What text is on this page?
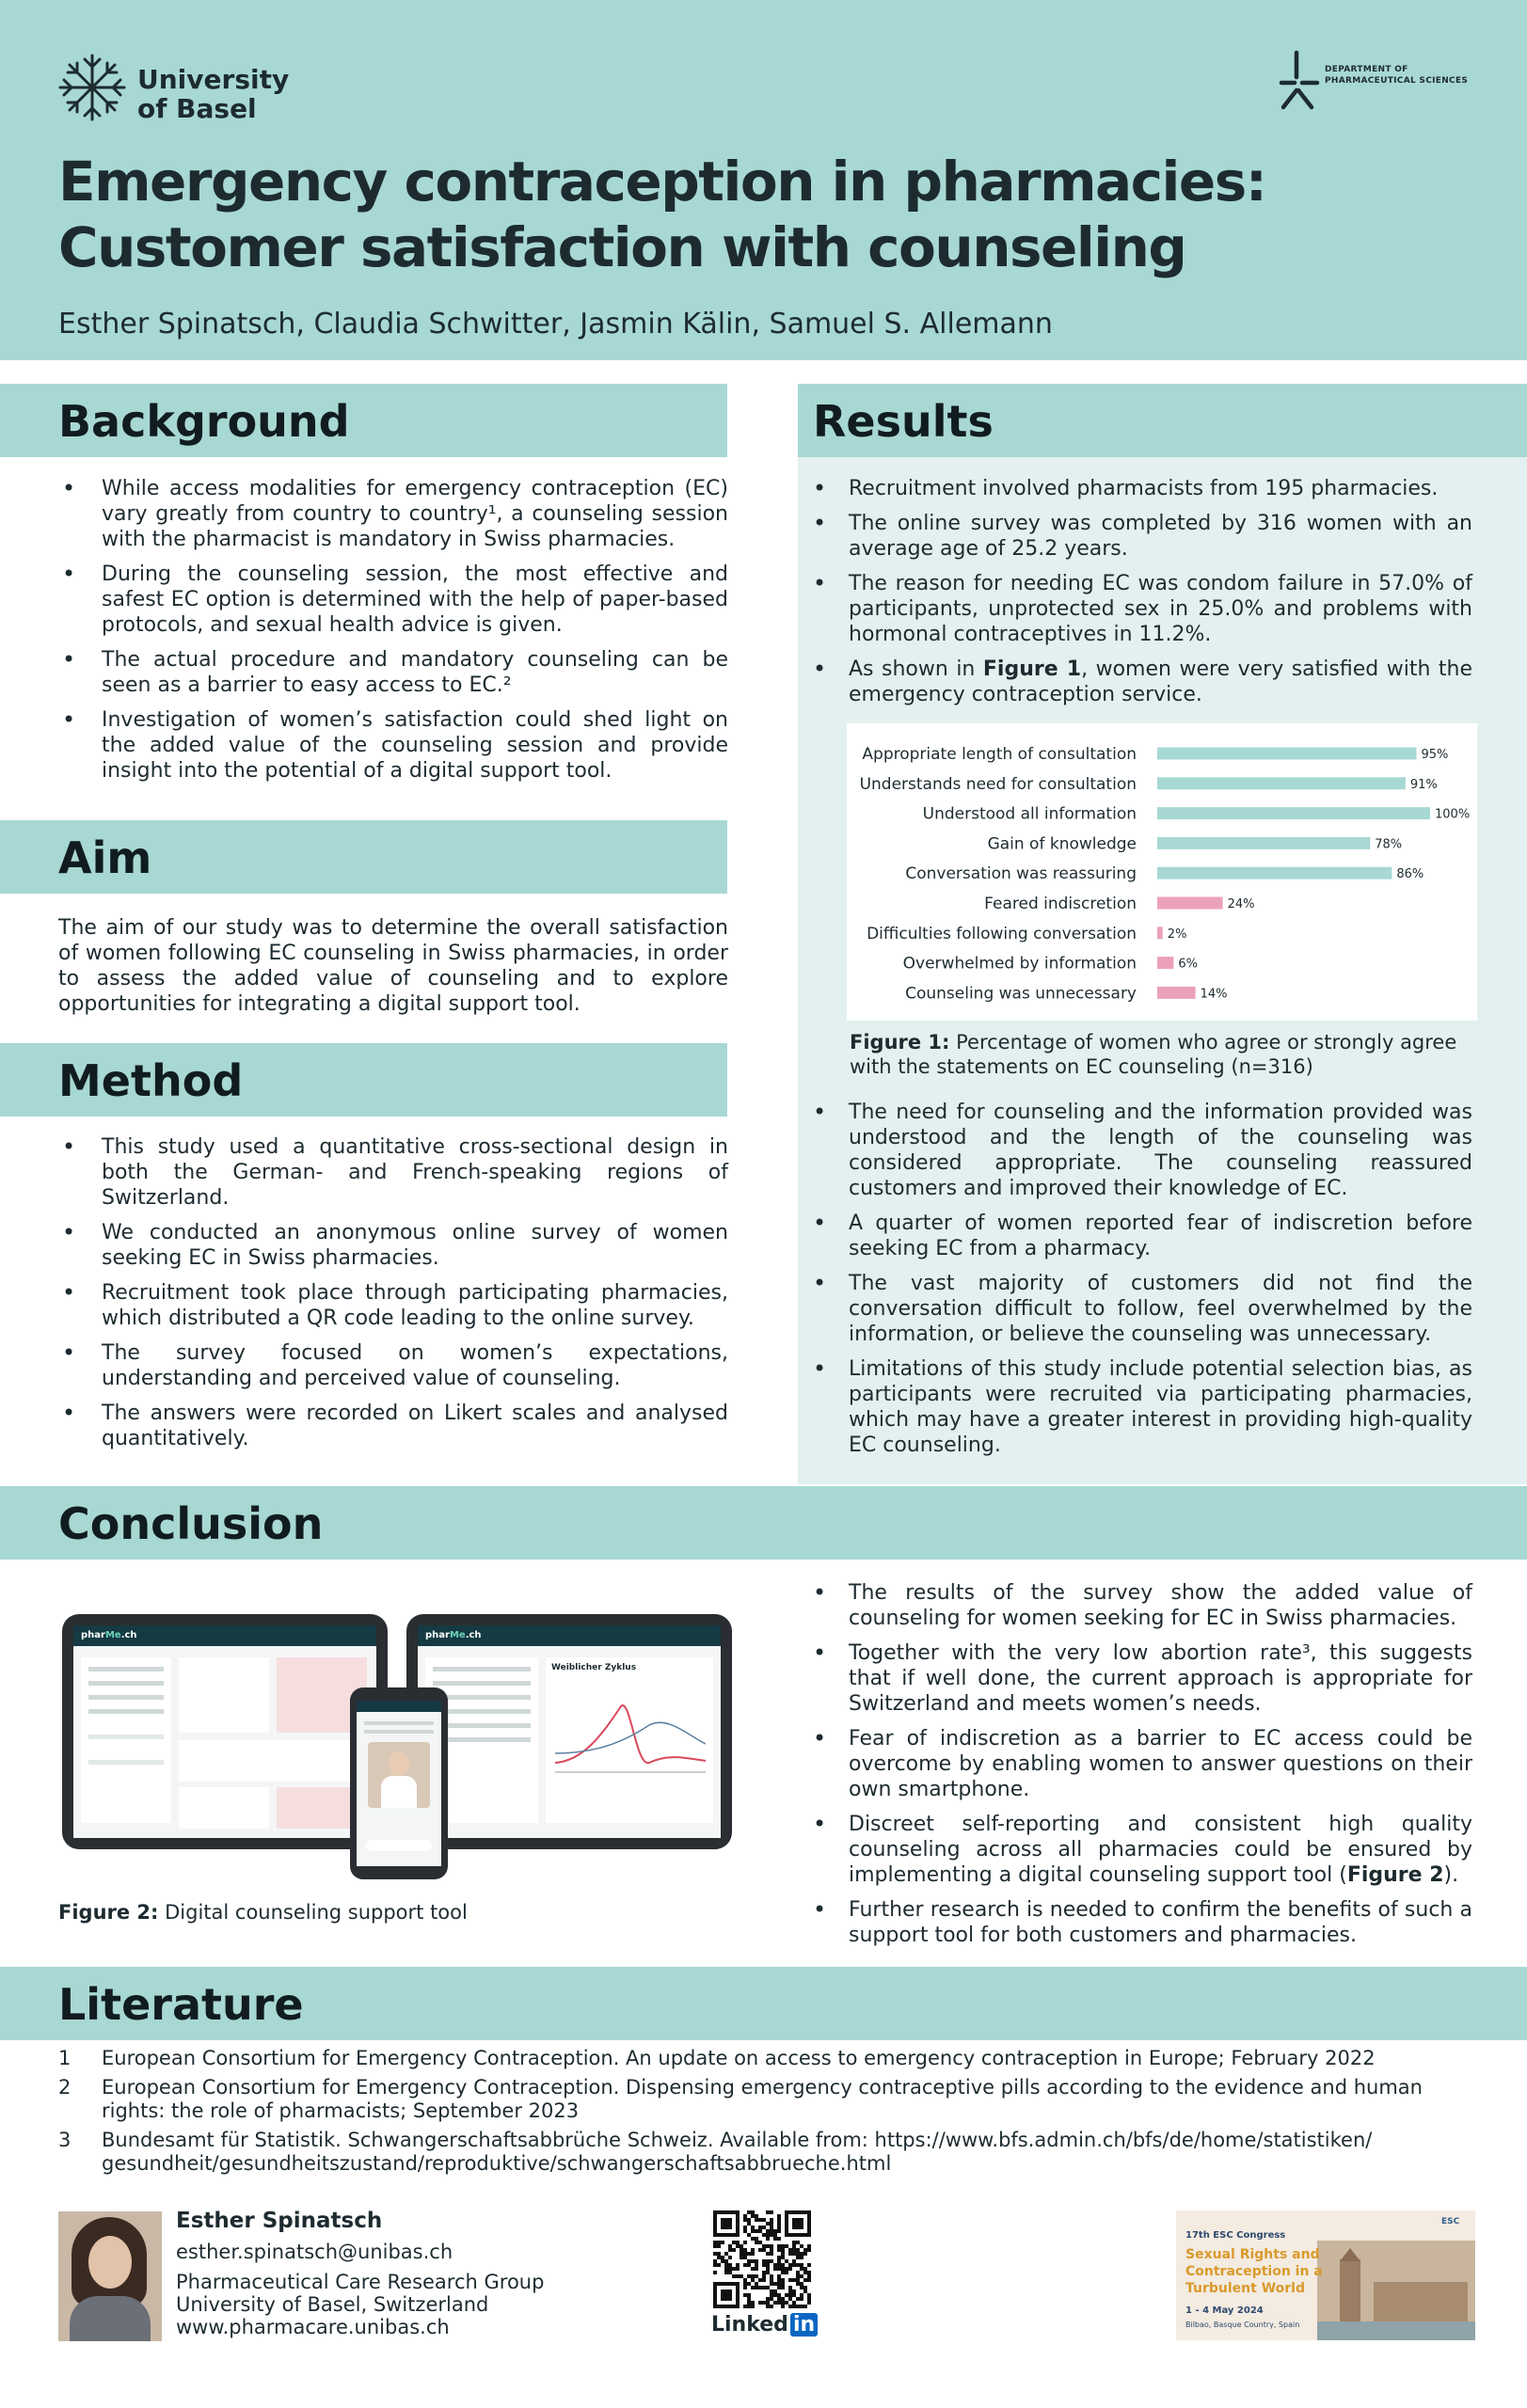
University
of Basel
DEPARTMENT OF PHARMACEUTICAL SCIENCES
Emergency contraception in pharmacies:
Customer satisfaction with counseling
Esther Spinatsch, Claudia Schwitter, Jasmin Kälin, Samuel S. Allemann
Background
• While access modalities for emergency contraception (EC) vary greatly from country to country¹, a counseling session with the pharmacist is mandatory in Swiss pharmacies.
• During the counseling session, the most effective and safest EC option is determined with the help of paper-based protocols, and sexual health advice is given.
• The actual procedure and mandatory counseling can be seen as a barrier to easy access to EC.²
• Investigation of women’s satisfaction could shed light on the added value of the counseling session and provide insight into the potential of a digital support tool.
Aim
The aim of our study was to determine the overall satisfaction of women following EC counseling in Swiss pharmacies, in order to assess the added value of counseling and to explore opportunities for integrating a digital support tool.
Method
• This study used a quantitative cross-sectional design in both the German- and French-speaking regions of Switzerland.
• We conducted an anonymous online survey of women seeking EC in Swiss pharmacies.
• Recruitment took place through participating pharmacies, which distributed a QR code leading to the online survey.
• The survey focused on women’s expectations, understanding and perceived value of counseling.
• The answers were recorded on Likert scales and analysed quantitatively.
Results
• Recruitment involved pharmacists from 195 pharmacies.
• The online survey was completed by 316 women with an average age of 25.2 years.
• The reason for needing EC was condom failure in 57.0% of participants, unprotected sex in 25.0% and problems with hormonal contraceptives in 11.2%.
• As shown in Figure 1, women were very satisfied with the emergency contraception service.
Appropriate length of consultation	95%
Understands need for consultation	91%
Understood all information	100%
Gain of knowledge	78%
Conversation was reassuring	86%
Feared indiscretion	24%
Difficulties following conversation	2%
Overwhelmed by information	6%
Counseling was unnecessary	14%
Figure 1: Percentage of women who agree or strongly agree with the statements on EC counseling (n=316)
• The need for counseling and the information provided was understood and the length of the counseling was considered appropriate. The counseling reassured customers and improved their knowledge of EC.
• A quarter of women reported fear of indiscretion before seeking EC from a pharmacy.
• The vast majority of customers did not find the conversation difficult to follow, feel overwhelmed by the information, or believe the counseling was unnecessary.
• Limitations of this study include potential selection bias, as participants were recruited via participating pharmacies, which may have a greater interest in providing high-quality EC counseling.
Conclusion
pharMe.ch	pharMe.ch
Weiblicher Zyklus
Figure 2: Digital counseling support tool
• The results of the survey show the added value of counseling for women seeking for EC in Swiss pharmacies.
• Together with the very low abortion rate³, this suggests that if well done, the current approach is appropriate for Switzerland and meets women’s needs.
• Fear of indiscretion as a barrier to EC access could be overcome by enabling women to answer questions on their own smartphone.
• Discreet self-reporting and consistent high quality counseling across all pharmacies could be ensured by implementing a digital counseling support tool (Figure 2).
• Further research is needed to confirm the benefits of such a support tool for both customers and pharmacies.
Literature
1 European Consortium for Emergency Contraception. An update on access to emergency contraception in Europe; February 2022

2 European Consortium for Emergency Contraception. Dispensing emergency contraceptive pills according to the evidence and human
rights: the role of pharmacists; September 2023

3 Bundesamt für Statistik. Schwangerschaftsabbrüche Schweiz. Available from: https://www.bfs.admin.ch/bfs/de/home/statistiken/
gesundheit/gesundheitszustand/reproduktive/schwangerschaftsabbrueche.html
Esther Spinatsch
esther.spinatsch@unibas.ch
Pharmaceutical Care Research Group
University of Basel, Switzerland
www.pharmacare.unibas.ch	Linked in
ESC
17th ESC Congress
Sexual Rights and
Contraception in a
Turbulent World
1 - 4 May 2024
Bilbao, Basque Country, Spain
